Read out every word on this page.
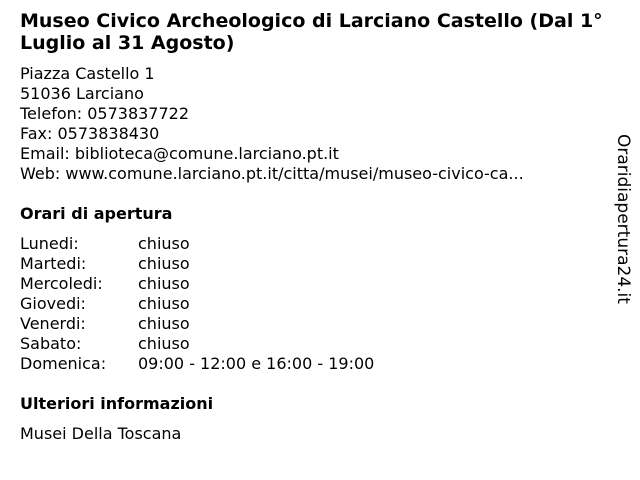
Museo Civico Archeologico di Larciano Castello (Dal 1° Luglio al 31 Agosto)
Piazza Castello 1
51036 Larciano
Telefon: 0573837722
Fax: 0573838430
Email: biblioteca@comune.larciano.pt.it
Web: www.comune.larciano.pt.it/citta/musei/museo-civico-ca...
Orari di apertura
Lunedi:	chiuso
Martedi:	chiuso
Mercoledi:	chiuso
Giovedi:	chiuso
Venerdi:	chiuso
Sabato:	chiuso
Domenica:	09:00 - 12:00 e 16:00 - 19:00
Ulteriori informazioni
Musei Della Toscana
Oraridiapertura24.it
